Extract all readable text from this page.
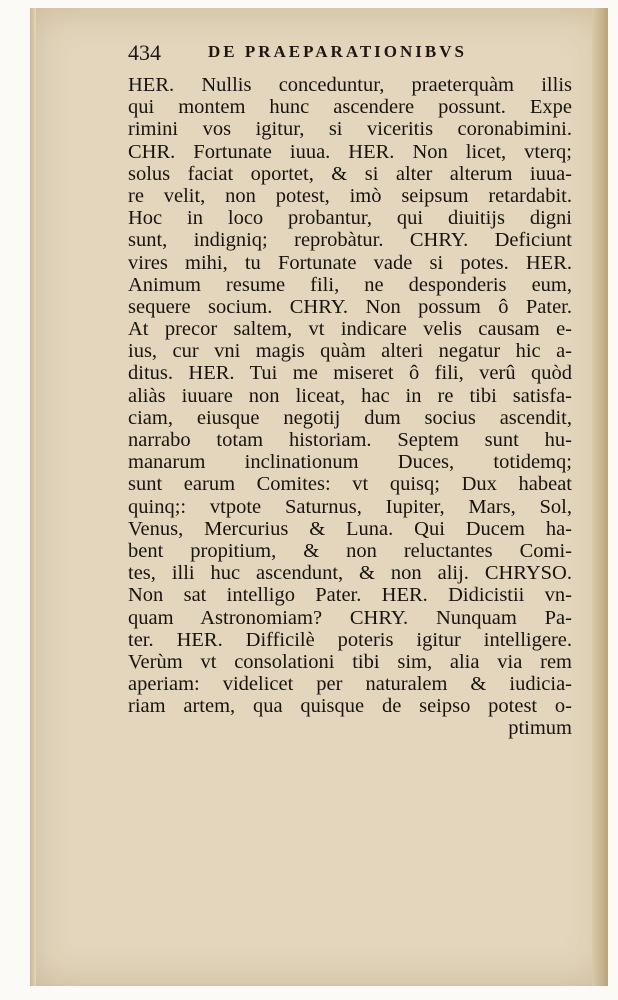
434	DE PRAEPARATIONIBVS
HER. Nullis conceduntur, praeterquàm illis
qui montem hunc ascendere possunt. Expe
rimini vos igitur, si viceritis coronabimini.
CHR. Fortunate iuua. HER. Non licet, vterq;
solus faciat oportet, & si alter alterum iuua-
re velit, non potest, imò seipsum retardabit.
Hoc in loco probantur, qui diuitijs digni
sunt, indigniq; reprobàtur. CHRY. Deficiunt
vires mihi, tu Fortunate vade si potes. HER.
Animum resume fili, ne desponderis eum,
sequere socium. CHRY. Non possum ô Pater.
At precor saltem, vt indicare velis causam e-
ius, cur vni magis quàm alteri negatur hic a-
ditus. HER. Tui me miseret ô fili, verû quòd
aliàs iuuare non liceat, hac in re tibi satisfa-
ciam, eiusque negotij dum socius ascendit,
narrabo totam historiam. Septem sunt hu-
manarum inclinationum Duces, totidemq;
sunt earum Comites: vt quisq; Dux habeat
quinq;: vtpote Saturnus, Iupiter, Mars, Sol,
Venus, Mercurius & Luna. Qui Ducem ha-
bent propitium, & non reluctantes Comi-
tes, illi huc ascendunt, & non alij. CHRYSO.
Non sat intelligo Pater. HER. Didicistii vn-
quam Astronomiam? CHRY. Nunquam Pa-
ter. HER. Difficilè poteris igitur intelligere.
Verùm vt consolationi tibi sim, alia via rem
aperiam: videlicet per naturalem & iudicia-
riam artem, qua quisque de seipso potest o-
ptimum
